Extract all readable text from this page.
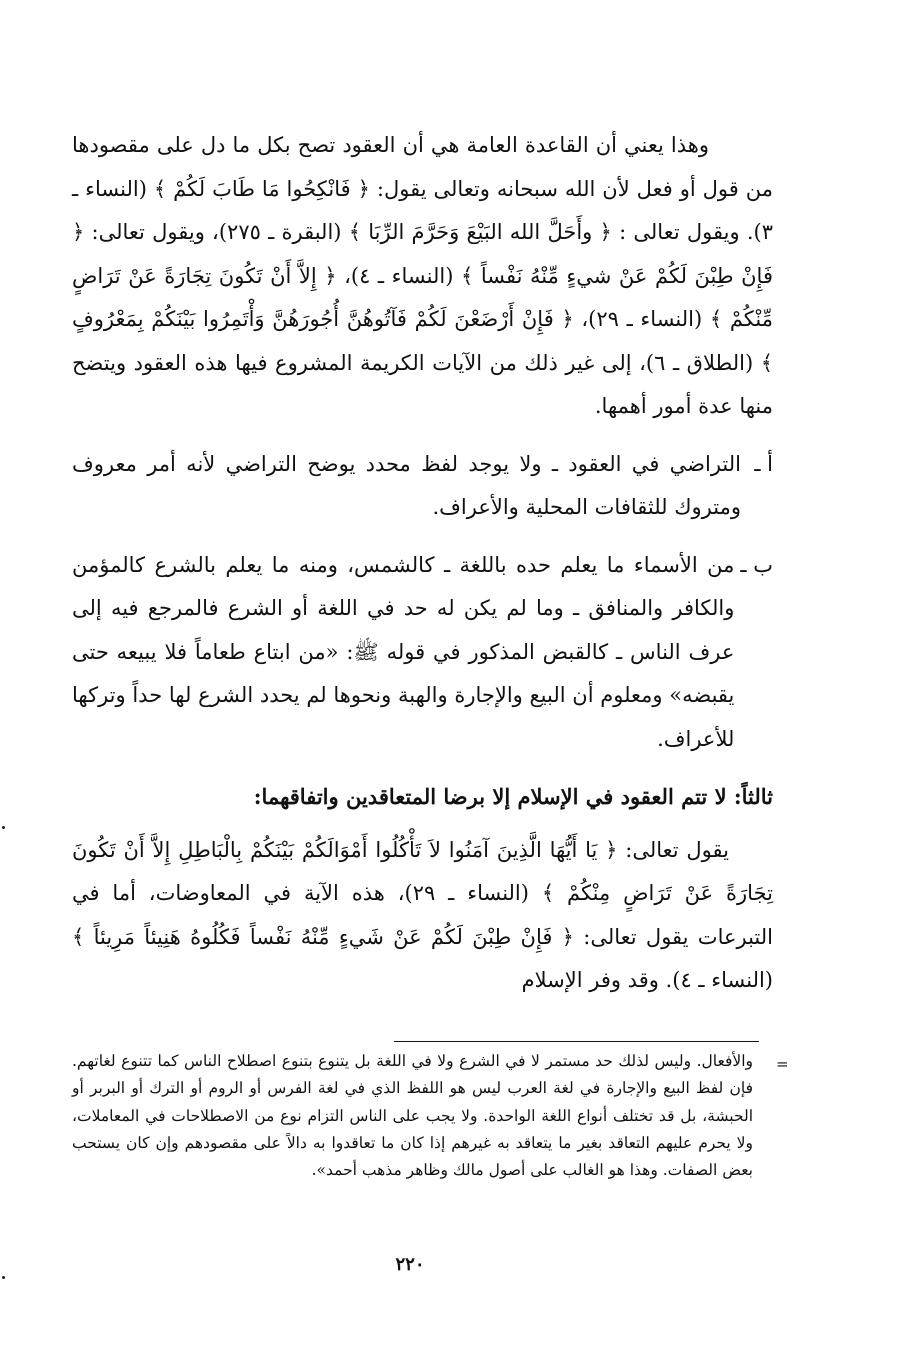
وهذا يعني أن القاعدة العامة هي أن العقود تصح بكل ما دل على مقصودها من قول أو فعل لأن الله سبحانه وتعالى يقول: ﴿ فَانْكِحُوا مَا طَابَ لَكُمْ ﴾ (النساء ـ ٣). ويقول تعالى : ﴿ وأَحَلَّ الله البَيْعَ وَحَرَّمَ الرِّبَا ﴾ (البقرة ـ ٢٧٥)، ويقول تعالى: ﴿ فَإِنْ طِبْنَ لَكُمْ عَنْ شيءٍ مِّنْهُ نَفْساً ﴾ (النساء ـ ٤)، ﴿ إِلاَّ أَنْ تَكُونَ تِجَارَةً عَنْ تَرَاضٍ مِّنْكُمْ ﴾ (النساء ـ ٢٩)، ﴿ فَإِنْ أَرْضَعْنَ لَكُمْ فَآتُوهُنَّ أُجُورَهُنَّ وَأْتَمِرُوا بَيْنَكُمْ بِمَعْرُوفٍ ﴾ (الطلاق ـ ٦)، إلى غير ذلك من الآيات الكريمة المشروع فيها هذه العقود ويتضح منها عدة أمور أهمها.

أ ـ
التراضي في العقود ـ ولا يوجد لفظ محدد يوضح التراضي لأنه أمر معروف ومتروك للثقافات المحلية والأعراف.
ب ـ
من الأسماء ما يعلم حده باللغة ـ كالشمس، ومنه ما يعلم بالشرع كالمؤمن والكافر والمنافق ـ وما لم يكن له حد في اللغة أو الشرع فالمرجع فيه إلى عرف الناس ـ كالقبض المذكور في قوله ﷺ: «من ابتاع طعاماً فلا يبيعه حتى يقبضه» ومعلوم أن البيع والإجارة والهبة ونحوها لم يحدد الشرع لها حداً وتركها للأعراف.

ثالثاً: لا تتم العقود في الإسلام إلا برضا المتعاقدين واتفاقهما:

يقول تعالى: ﴿ يَا أَيُّهَا الَّذِينَ آمَنُوا لاَ تَأْكُلُوا أَمْوَالَكُمْ بَيْنَكُمْ بِالْبَاطِلِ إِلاَّ أَنْ تَكُونَ تِجَارَةً عَنْ تَرَاضٍ مِنْكُمْ ﴾ (النساء ـ ٢٩)، هذه الآية في المعاوضات، أما في التبرعات يقول تعالى: ﴿ فَإِنْ طِبْنَ لَكُمْ عَنْ شَيءٍ مِّنْهُ نَفْساً فَكُلُوهُ هَنِيئاً مَرِيئاً ﴾ (النساء ـ ٤). وقد وفر الإسلام

=

والأفعال. وليس لذلك حد مستمر لا في الشرع ولا في اللغة بل يتنوع بتنوع اصطلاح الناس كما تتنوع لغاتهم. فإن لفظ البيع والإجارة في لغة العرب ليس هو اللفظ الذي في لغة الفرس أو الروم أو الترك أو البربر أو الحبشة، بل قد تختلف أنواع اللغة الواحدة. ولا يجب على الناس التزام نوع من الاصطلاحات في المعاملات، ولا يحرم عليهم التعاقد بغير ما يتعاقد به غيرهم إذا كان ما تعاقدوا به دالاً على مقصودهم وإن كان يستحب بعض الصفات. وهذا هو الغالب على أصول مالك وظاهر مذهب أحمد».

٢٢٠
